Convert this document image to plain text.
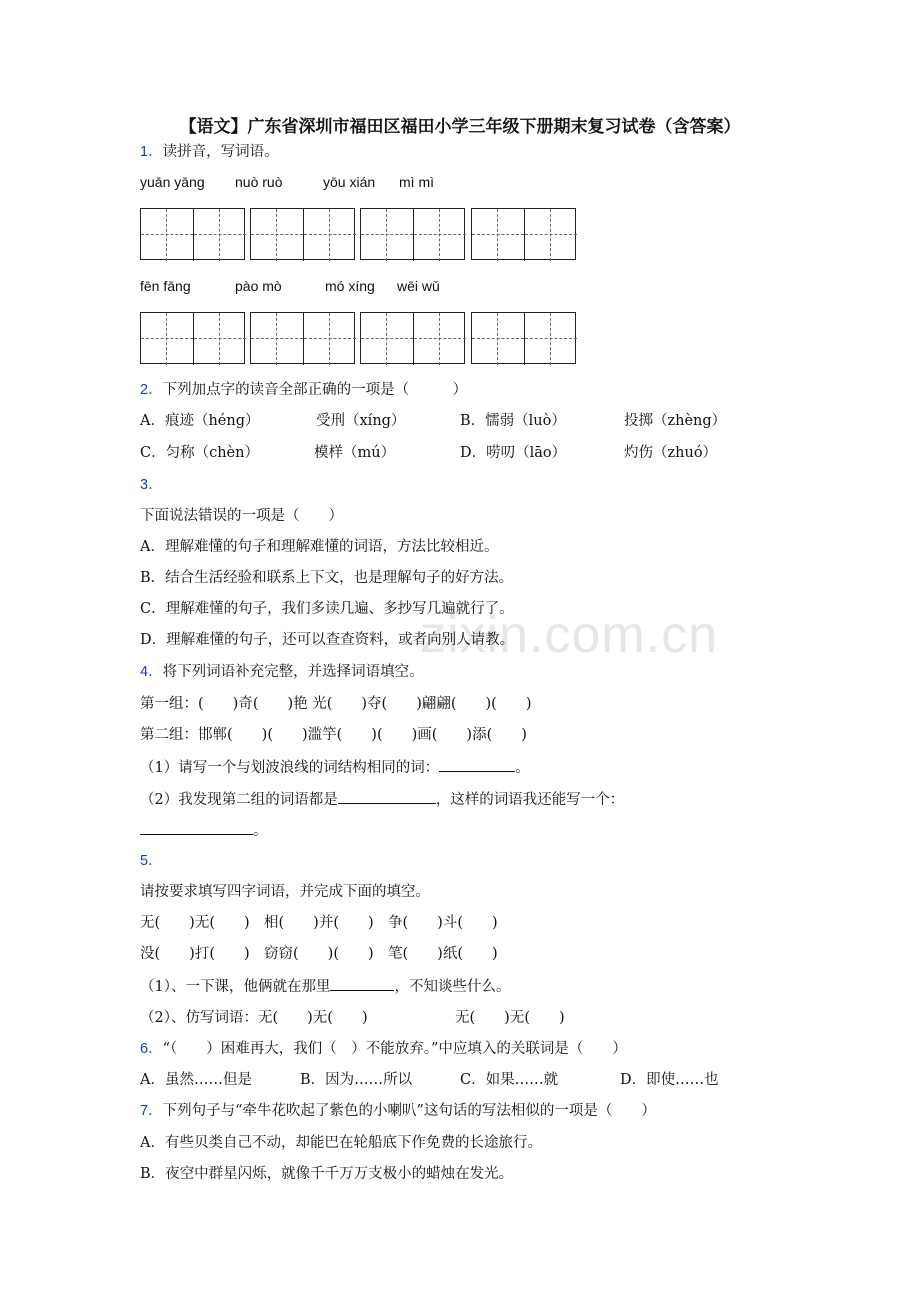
zixin.com.cn
【语文】广东省深圳市福田区福田小学三年级下册期末复习试卷（含答案）
1．读拼音，写词语。
yuān yāng nuò ruò	yōu xián mì mì
fēn fāng	pào mò	mó xíng wēi wǔ
2．下列加点字的读音全部正确的一项是（　　　）
A．痕迹（héng）	受刑（xíng）	B．懦弱（luò）	投掷（zhèng）
C．匀称（chèn）	模样（mú）	D．唠叨（lāo）	灼伤（zhuó）
3．
下面说法错误的一项是（　　）
A．理解难懂的句子和理解难懂的词语，方法比较相近。
B．结合生活经验和联系上下文，也是理解句子的好方法。
C．理解难懂的句子，我们多读几遍、多抄写几遍就行了。
D．理解难懂的句子，还可以查查资料，或者向别人请教。
4．将下列词语补充完整，并选择词语填空。
第一组：(　　)奇(　　)艳 光(　　)夺(　　)翩翩(　　)(　　)
第二组：邯郸(　　)(　　)滥竽(　　)(　　)画(　　)添(　　)
（1）请写一个与划波浪线的词结构相同的词：	。
（2）我发现第二组的词语都是	，这样的词语我还能写一个：
。
5．
请按要求填写四字词语，并完成下面的填空。
无(　　)无(　　) 相(　　)并(　　) 争(　　)斗(　　)
没(　　)打(　　) 窃窃(　　)(　　) 笔(　　)纸(　　)
（1）、一下课，他俩就在那里	，不知谈些什么。
（2）、仿写词语：无(　　)无(　　)	无(　　)无(　　)
6．“（　　）困难再大，我们（　）不能放弃。”中应填入的关联词是（　　）
A．虽然……但是	B．因为……所以	C．如果……就	D．即使……也
7．下列句子与“牵牛花吹起了紫色的小喇叭”这句话的写法相似的一项是（　　）
A．有些贝类自己不动，却能巴在轮船底下作免费的长途旅行。
B．夜空中群星闪烁，就像千千万万支极小的蜡烛在发光。
